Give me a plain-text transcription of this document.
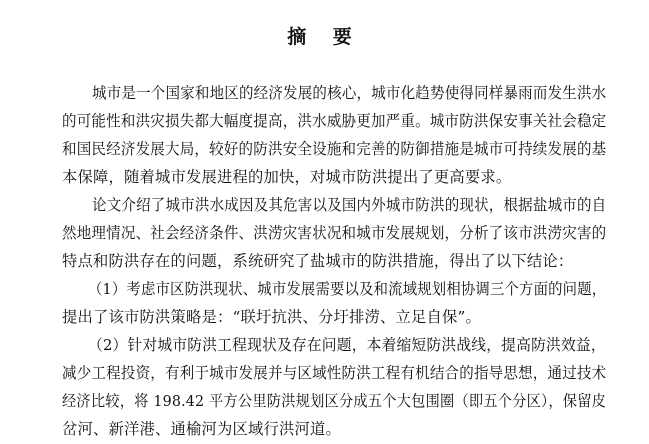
摘 要
城市是一个国家和地区的经济发展的核心，城市化趋势使得同样暴雨而发生洪水
的可能性和洪灾损失都大幅度提高，洪水威胁更加严重。城市防洪保安事关社会稳定
和国民经济发展大局，较好的防洪安全设施和完善的防御措施是城市可持续发展的基
本保障，随着城市发展进程的加快，对城市防洪提出了更高要求。
论文介绍了城市洪水成因及其危害以及国内外城市防洪的现状，根据盐城市的自
然地理情况、社会经济条件、洪涝灾害状况和城市发展规划，分析了该市洪涝灾害的
特点和防洪存在的问题，系统研究了盐城市的防洪措施，得出了以下结论：
（1）考虑市区防洪现状、城市发展需要以及和流域规划相协调三个方面的问题，
提出了该市防洪策略是：“联圩抗洪、分圩排涝、立足自保”。
（2）针对城市防洪工程现状及存在问题，本着缩短防洪战线，提高防洪效益，
减少工程投资，有利于城市发展并与区域性防洪工程有机结合的指导思想，通过技术
经济比较，将 198.42 平方公里防洪规划区分成五个大包围圈（即五个分区），保留皮
岔河、新洋港、通榆河为区域行洪河道。
